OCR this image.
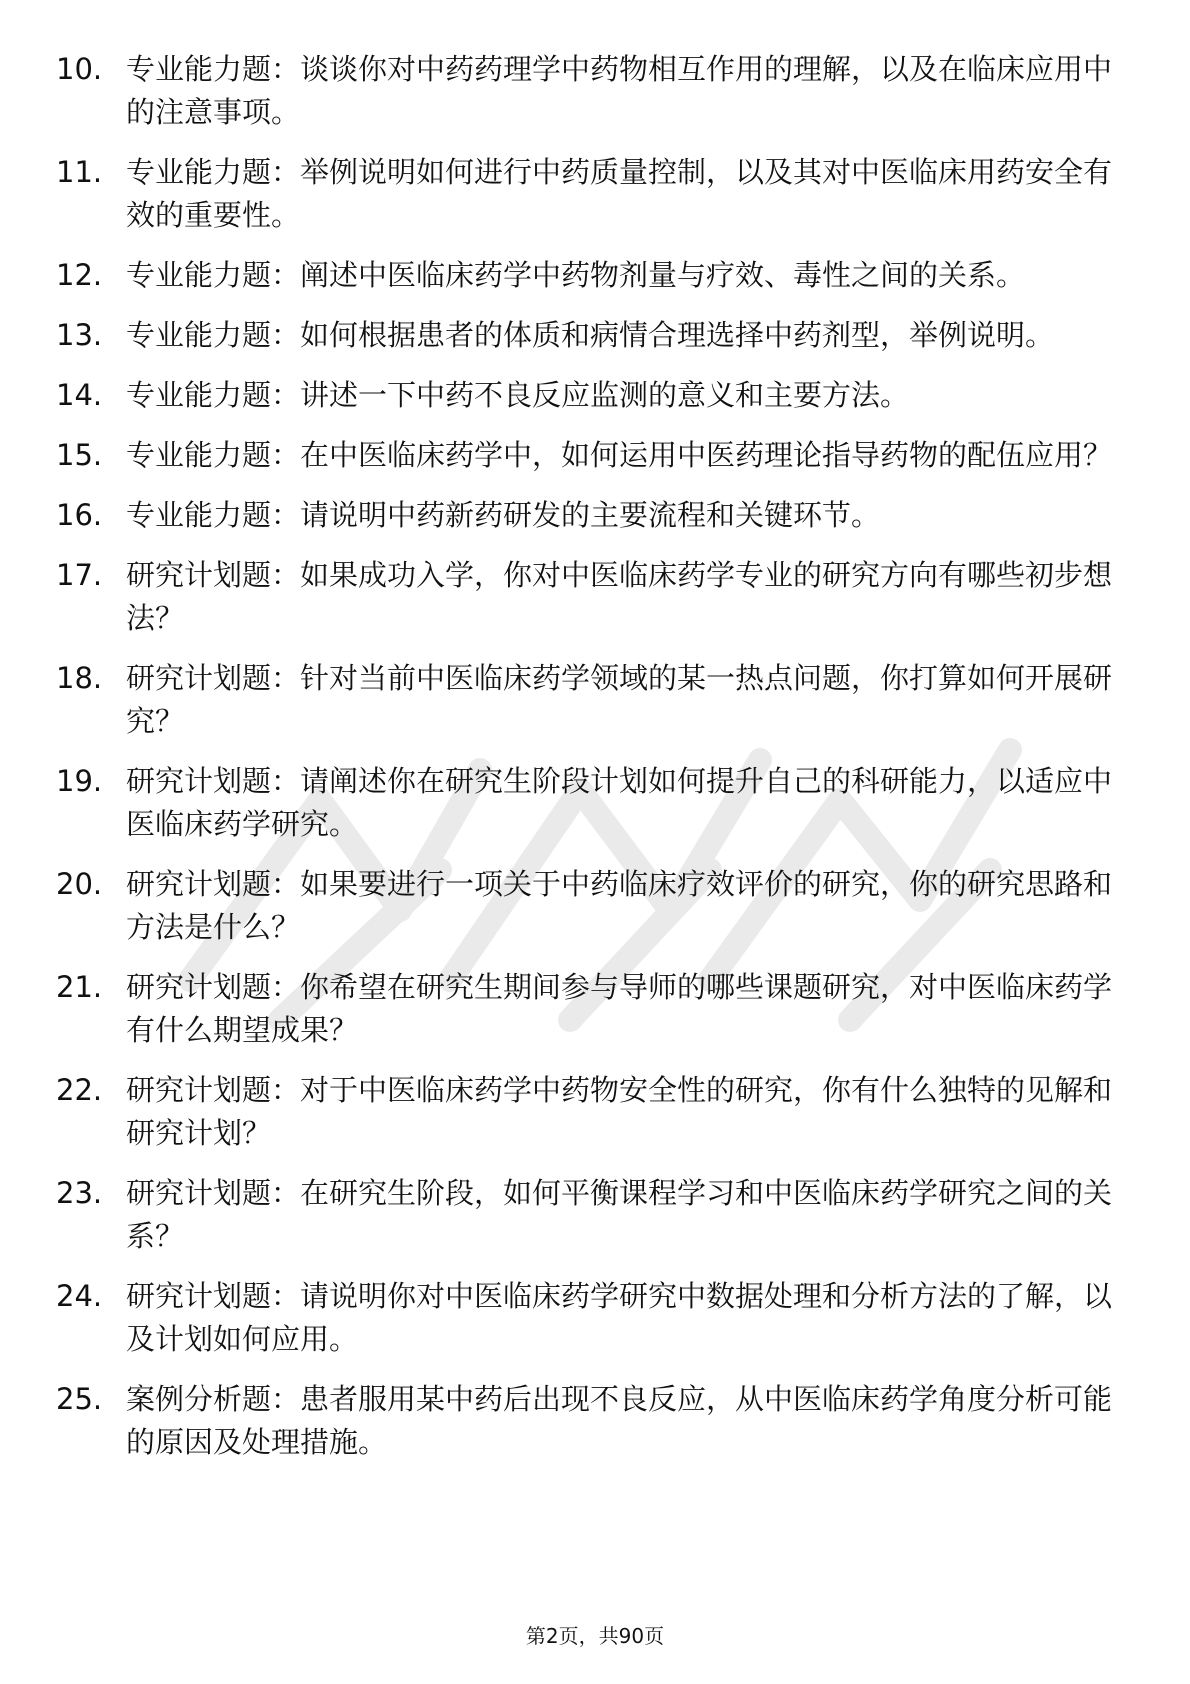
10. 专业能力题：谈谈你对中药药理学中药物相互作用的理解，以及在临床应用中的注意事项。
11. 专业能力题：举例说明如何进行中药质量控制，以及其对中医临床用药安全有效的重要性。
12. 专业能力题：阐述中医临床药学中药物剂量与疗效、毒性之间的关系。
13. 专业能力题：如何根据患者的体质和病情合理选择中药剂型，举例说明。
14. 专业能力题：讲述一下中药不良反应监测的意义和主要方法。
15. 专业能力题：在中医临床药学中，如何运用中医药理论指导药物的配伍应用？
16. 专业能力题：请说明中药新药研发的主要流程和关键环节。
17. 研究计划题：如果成功入学，你对中医临床药学专业的研究方向有哪些初步想法？
18. 研究计划题：针对当前中医临床药学领域的某一热点问题，你打算如何开展研究？
19. 研究计划题：请阐述你在研究生阶段计划如何提升自己的科研能力，以适应中医临床药学研究。
20. 研究计划题：如果要进行一项关于中药临床疗效评价的研究，你的研究思路和方法是什么？
21. 研究计划题：你希望在研究生期间参与导师的哪些课题研究，对中医临床药学有什么期望成果？
22. 研究计划题：对于中医临床药学中药物安全性的研究，你有什么独特的见解和研究计划？
23. 研究计划题：在研究生阶段，如何平衡课程学习和中医临床药学研究之间的关系？
24. 研究计划题：请说明你对中医临床药学研究中数据处理和分析方法的了解，以及计划如何应用。
25. 案例分析题：患者服用某中药后出现不良反应，从中医临床药学角度分析可能的原因及处理措施。
第2页，共90页
